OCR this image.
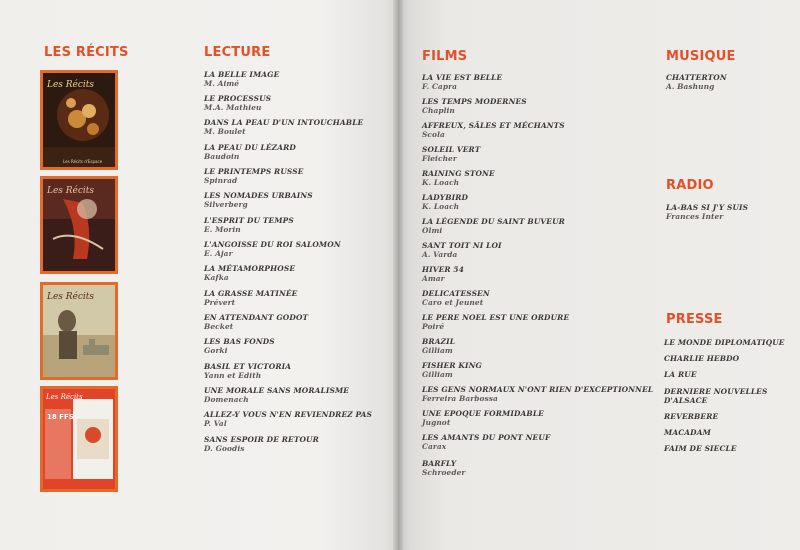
LES RÉCITS	LECTURE	FILMS	MUSIQUE
RADIO
PRESSE
Les Récits
Les Récits d'Espace
Les Récits
Les Récits
Les Récits
18 FFS
LA BELLE IMAGE
M. Aimé
LE PROCESSUS
M.A. Mathieu
DANS LA PEAU D'UN INTOUCHABLE
M. Boulet
LA PEAU DU LÉZARD
Baudoin
LE PRINTEMPS RUSSE
Spinrad
LES NOMADES URBAINS
Silverberg
L'ESPRIT DU TEMPS
E. Morin
L'ANGOISSE DU ROI SALOMON
E. Ajar
LA MÉTAMORPHOSE
Kafka
LA GRASSE MATINÉE
Prévert
EN ATTENDANT GODOT
Becket
LES BAS FONDS
Gorki
BASIL ET VICTORIA
Yann et Edith
UNE MORALE SANS MORALISME
Domenach
ALLEZ-Y VOUS N'EN REVIENDREZ PAS
P. Val
SANS ESPOIR DE RETOUR
D. Goodis
LA VIE EST BELLE
F. Capra
LES TEMPS MODERNES
Chaplin
AFFREUX, SÂLES ET MÉCHANTS
Scola
SOLEIL VERT
Fleicher
RAINING STONE
K. Loach
LADYBIRD
K. Loach
LA LÉGENDE DU SAINT BUVEUR
Olmi
SANT TOIT NI LOI
A. Varda
HIVER 54
Amar
DELICATESSEN
Caro et Jeunet
LE PERE NOEL EST UNE ORDURE
Poiré
BRAZIL
Gilliam
FISHER KING
Gilliam
LES GENS NORMAUX N'ONT RIEN D'EXCEPTIONNEL
Ferreira Barbossa
UNE EPOQUE FORMIDABLE
Jugnot
LES AMANTS DU PONT NEUF
Carax
BARFLY
Schroeder
CHATTERTON
A. Bashung
LA-BAS SI J'Y SUIS
Frances Inter
LE MONDE DIPLOMATIQUE
CHARLIE HEBDO
LA RUE
DERNIERE NOUVELLES
D'ALSACE
REVERBERE
MACADAM
FAIM DE SIECLE
